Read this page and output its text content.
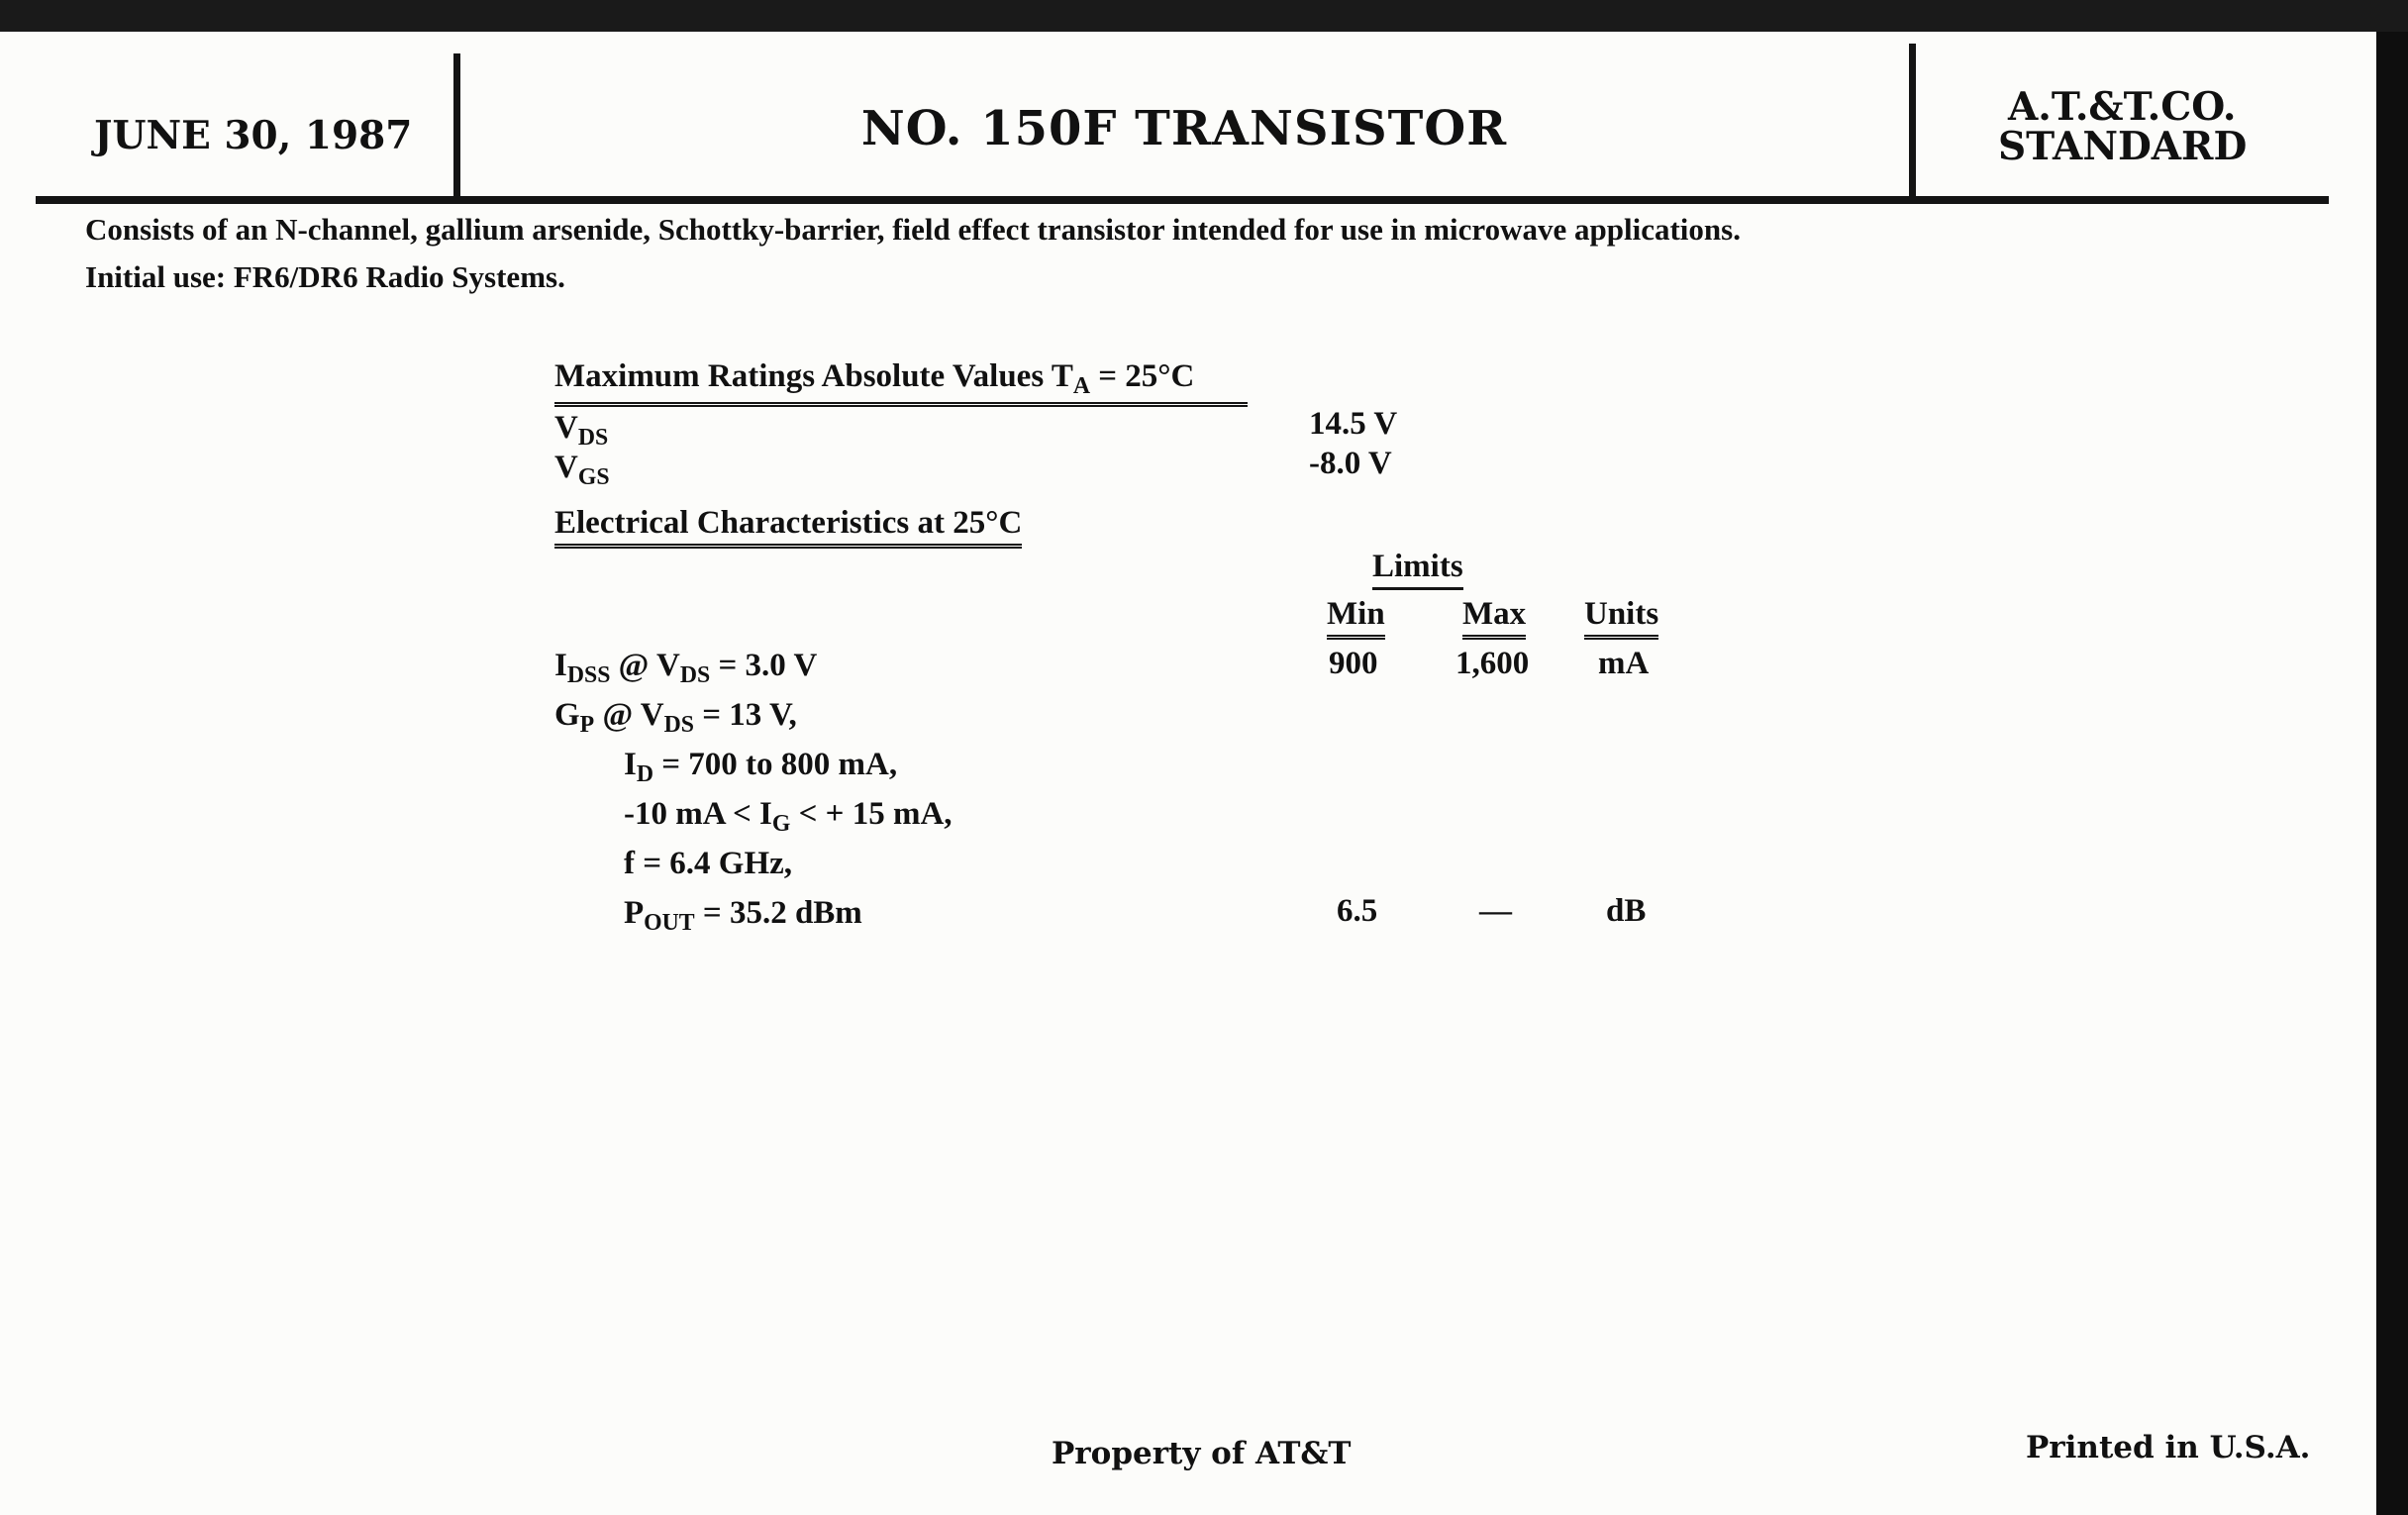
JUNE 30, 1987	NO. 150F TRANSISTOR	A.T.&T.CO.
STANDARD
Consists of an N-channel, gallium arsenide, Schottky-barrier, field effect transistor intended for use in microwave applications.
Initial use: FR6/DR6 Radio Systems.
Maximum Ratings Absolute Values $T_A = 25^\circ C$
$V_{DS}$	14.5 V
$V_{GS}$	-8.0 V
Electrical Characteristics at 25°C
Limits
Min Max Units
$I_{DSS}$ @ $V_{DS} = 3.0$ V	900 1,600 mA
$G_P$ @ $V_{DS} = 13$ V,
$I_D = 700$ to 800 mA,
-10 mA < $I_G$ < + 15 mA,
f = 6.4 GHz,
$P_{OUT} = 35.2$ dBm	6.5	—	dB
Property of AT&T	Printed in U.S.A.
